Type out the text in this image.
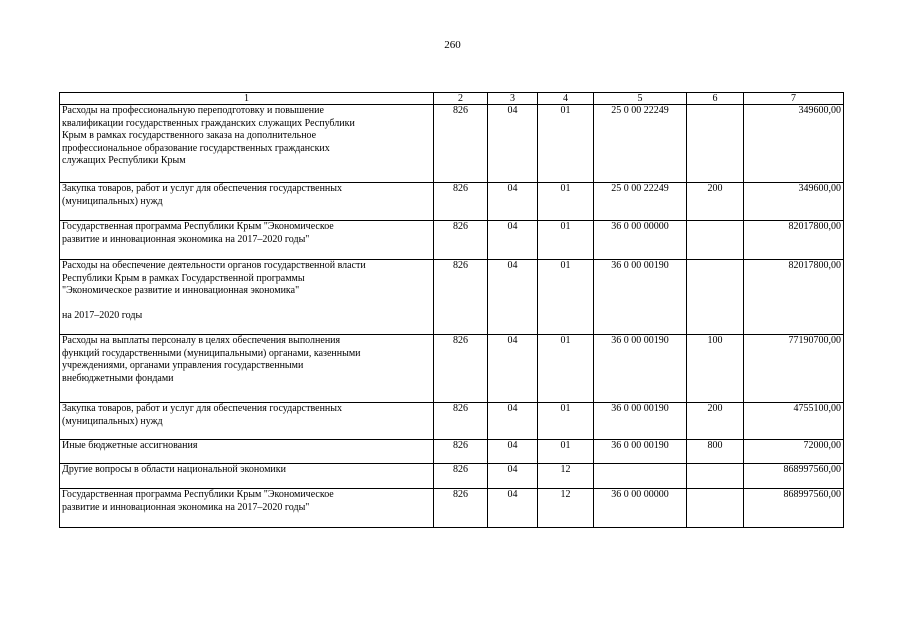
260
1	2	3	4	5	6	7
Расходы на профессиональную переподготовку и повышение
квалификации государственных гражданских служащих Республики
Крым в рамках государственного заказа на дополнительное
профессиональное образование государственных гражданских
служащих Республики Крым	826	04	01	25 0 00 22249		349600,00
Закупка товаров, работ и услуг для обеспечения государственных
(муниципальных) нужд	826	04	01	25 0 00 22249	200	349600,00
Государственная программа Республики Крым "Экономическое
развитие и инновационная экономика на 2017–2020 годы"	826	04	01	36 0 00 00000		82017800,00
Расходы на обеспечение деятельности органов государственной власти
Республики Крым в рамках Государственной программы
"Экономическое развитие и инновационная экономика"

на 2017–2020 годы	826	04	01	36 0 00 00190		82017800,00
Расходы на выплаты персоналу в целях обеспечения выполнения
функций государственными (муниципальными) органами, казенными
учреждениями, органами управления государственными
внебюджетными фондами	826	04	01	36 0 00 00190	100	77190700,00
Закупка товаров, работ и услуг для обеспечения государственных
(муниципальных) нужд	826	04	01	36 0 00 00190	200	4755100,00
Иные бюджетные ассигнования	826	04	01	36 0 00 00190	800	72000,00
Другие вопросы в области национальной экономики	826	04	12			868997560,00
Государственная программа Республики Крым "Экономическое
развитие и инновационная экономика на 2017–2020 годы"	826	04	12	36 0 00 00000		868997560,00
